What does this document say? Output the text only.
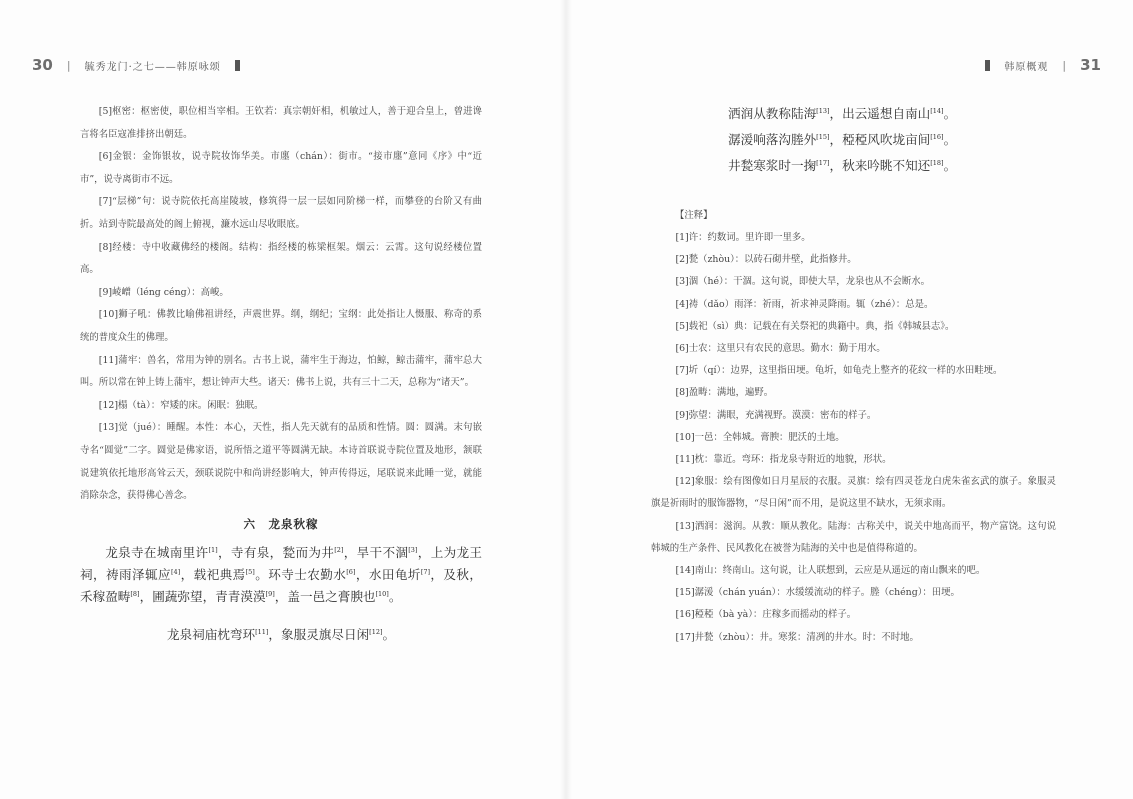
30 | 毓秀龙门·之七——韩原咏颂	韩原概观 | 31

[5]枢密：枢密使，职位相当宰相。王钦若：真宗朝奸相，机敏过人，善于迎合皇上，曾进谗言将名臣寇准排挤出朝廷。

[6]金银：金饰银妆，说寺院妆饰华美。市廛（chán）：街市。“接市廛”意同《序》中“近市”，说寺离街市不远。

[7]“层梯”句：说寺院依托高崖陵坡，修筑得一层一层如同阶梯一样，而攀登的台阶又有曲折。站到寺院最高处的阁上俯视，濂水远山尽收眼底。

[8]经楼：寺中收藏佛经的楼阁。结构：指经楼的栋梁框架。烟云：云霄。这句说经楼位置高。

[9]崚嶒（léng céng）：高峻。

[10]狮子吼：佛教比喻佛祖讲经，声震世界。纲，纲纪；宝纲：此处指让人慑服、称奇的系统的普度众生的佛理。

[11]蒲牢：兽名，常用为钟的别名。古书上说，蒲牢生于海边，怕鲸，鲸击蒲牢，蒲牢总大叫。所以常在钟上铸上蒲牢，想让钟声大些。诸天：佛书上说，共有三十二天，总称为“诸天”。

[12]榻（tà）：窄矮的床。闲眠：独眠。

[13]觉（jué）：睡醒。本性：本心，天性，指人先天就有的品质和性情。圆：圆满。末句嵌寺名“圆觉”二字。圆觉是佛家语，说所悟之道平等圆满无缺。本诗首联说寺院位置及地形，颔联说建筑依托地形高耸云天，颈联说院中和尚讲经影响大，钟声传得远，尾联说来此睡一觉，就能消除杂念，获得佛心善念。

六　龙泉秋稼

龙泉寺在城南里许[1]，寺有泉，甃而为井[2]，旱干不涸[3]，上为龙王祠，祷雨泽辄应[4]，载祀典焉[5]。环寺士农勤水[6]，水田龟圻[7]，及秋，禾稼盈畴[8]，圃蔬弥望，青青漠漠[9]，盖一邑之膏腴也[10]。

龙泉祠庙枕弯环[11]，象服灵旗尽日闲[12]。

洒润从教称陆海[13]，出云遥想自南山[14]。

潺湲响落沟塍外[15]，稏稏风吹垅亩间[16]。

井甃寒浆时一掬[17]，秋来吟眺不知还[18]。

【注释】

[1]许：约数词。里许即一里多。

[2]甃（zhòu）：以砖石砌井壁，此指修井。

[3]涸（hé）：干涸。这句说，即使大旱，龙泉也从不会断水。

[4]祷（dǎo）雨泽：祈雨，祈求神灵降雨。辄（zhé）：总是。

[5]载祀（sì）典：记载在有关祭祀的典籍中。典，指《韩城县志》。

[6]士农：这里只有农民的意思。勤水：勤于用水。

[7]圻（qí）：边界，这里指田埂。龟圻，如龟壳上整齐的花纹一样的水田畦埂。

[8]盈畴：满地，遍野。

[9]弥望：满眼，充满视野。漠漠：密布的样子。

[10]一邑：全韩城。膏腴：肥沃的土地。

[11]枕：靠近。弯环：指龙泉寺附近的地貌，形状。

[12]象服：绘有图像如日月星辰的衣服。灵旗：绘有四灵苍龙白虎朱雀玄武的旗子。象服灵旗是祈雨时的服饰器物，“尽日闲”而不用，是说这里不缺水，无须求雨。

[13]洒润：滋润。从教：顺从教化。陆海：古称关中，说关中地高而平，物产富饶。这句说韩城的生产条件、民风教化在被誉为陆海的关中也是值得称道的。

[14]南山：终南山。这句说，让人联想到，云应是从遥远的南山飘来的吧。

[15]潺湲（chán yuán）：水缓缓流动的样子。塍（chéng）：田埂。

[16]稏稏（bà yà）：庄稼多而摇动的样子。

[17]井甃（zhòu）：井。寒浆：清冽的井水。时：不时地。
